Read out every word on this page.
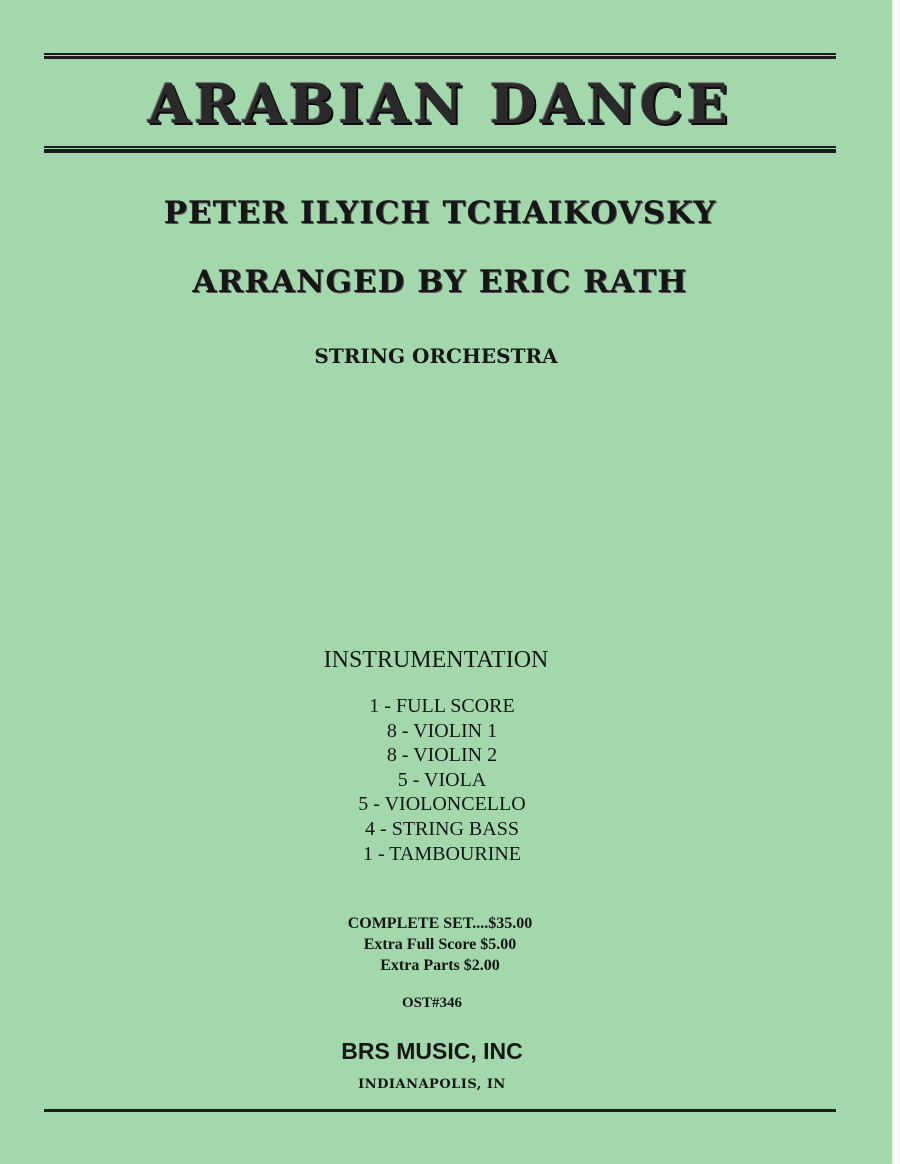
ARABIAN DANCE
PETER ILYICH TCHAIKOVSKY
ARRANGED BY ERIC RATH
STRING ORCHESTRA
INSTRUMENTATION
1 - FULL SCORE
8 - VIOLIN 1
8 - VIOLIN 2
5 - VIOLA
5 - VIOLONCELLO
4 - STRING BASS
1 - TAMBOURINE
COMPLETE SET....$35.00
Extra Full Score $5.00
Extra Parts $2.00
OST#346
BRS MUSIC, INC
INDIANAPOLIS, IN
